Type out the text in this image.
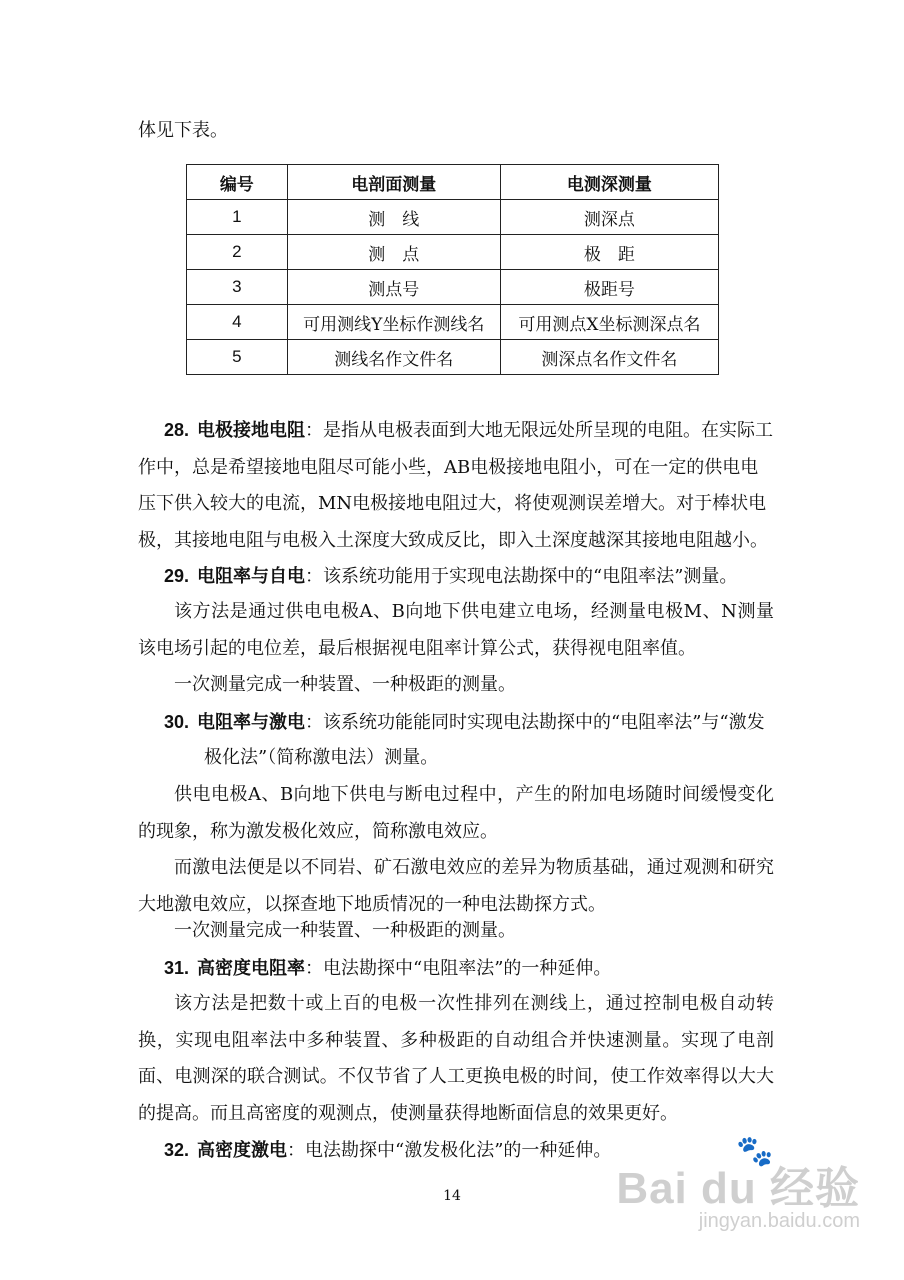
体见下表。

编号	电剖面测量	电测深测量
1	测　线	测深点
2	测　点	极　距
3	测点号	极距号
4	可用测线Y坐标作测线名	可用测点X坐标测深点名
5	测线名作文件名	测深点名作文件名

28. 电极接地电阻：是指从电极表面到大地无限远处所呈现的电阻。在实际工作中，总是希望接地电阻尽可能小些，AB电极接地电阻小，可在一定的供电电压下供入较大的电流，MN电极接地电阻过大，将使观测误差增大。对于棒状电极，其接地电阻与电极入土深度大致成反比，即入土深度越深其接地电阻越小。

29. 电阻率与自电：该系统功能用于实现电法勘探中的“电阻率法”测量。

该方法是通过供电电极A、B向地下供电建立电场，经测量电极M、N测量该电场引起的电位差，最后根据视电阻率计算公式，获得视电阻率值。

一次测量完成一种装置、一种极距的测量。

30. 电阻率与激电：该系统功能能同时实现电法勘探中的“电阻率法”与“激发

极化法”（简称激电法）测量。

供电电极A、B向地下供电与断电过程中，产生的附加电场随时间缓慢变化的现象，称为激发极化效应，简称激电效应。

而激电法便是以不同岩、矿石激电效应的差异为物质基础，通过观测和研究大地激电效应，以探查地下地质情况的一种电法勘探方式。

一次测量完成一种装置、一种极距的测量。

31. 高密度电阻率：电法勘探中“电阻率法”的一种延伸。

该方法是把数十或上百的电极一次性排列在测线上，通过控制电极自动转换，实现电阻率法中多种装置、多种极距的自动组合并快速测量。实现了电剖面、电测深的联合测试。不仅节省了人工更换电极的时间，使工作效率得以大大的提高。而且高密度的观测点，使测量获得地断面信息的效果更好。

32. 高密度激电：电法勘探中“激发极化法”的一种延伸。

14
🐾
Bai du 经验
jingyan.baidu.com
